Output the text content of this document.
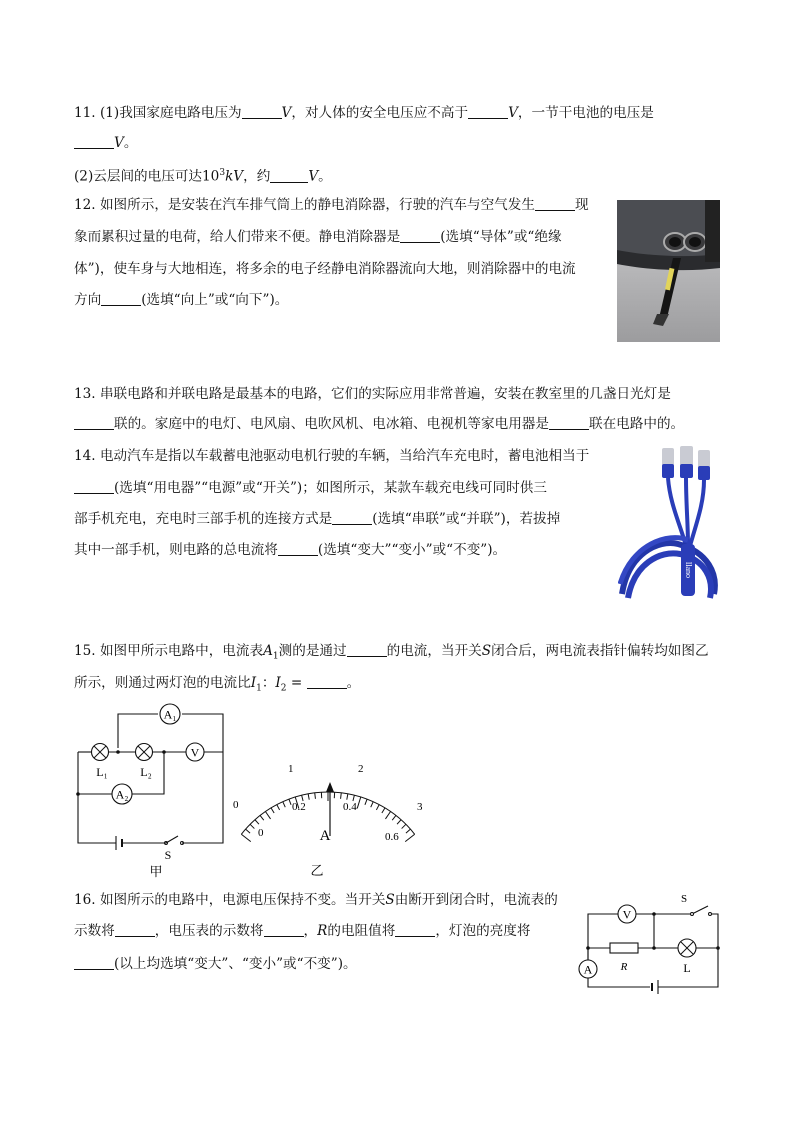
11. (1)我国家庭电路电压为	V，对人体的安全电压应不高于	V，一节干电池的电压是
V。
(2)云层间的电压可达$10^3kV$，约	V。
12. 如图所示，是安装在汽车排气筒上的静电消除器，行驶的汽车与空气发生	现
象而累积过量的电荷，给人们带来不便。静电消除器是	(选填“导体”或“绝缘
体”)，使车身与大地相连，将多余的电子经静电消除器流向大地，则消除器中的电流
方向	(选填“向上”或“向下”)。
13. 串联电路和并联电路是最基本的电路，它们的实际应用非常普遍，安装在教室里的几盏日光灯是
联的。家庭中的电灯、电风扇、电吹风机、电冰箱、电视机等家电用器是	联在电路中的。
14. 电动汽车是指以车载蓄电池驱动电机行驶的车辆，当给汽车充电时，蓄电池相当于
(选填“用电器”“电源”或“开关”)；如图所示，某款车载充电线可同时供三
部手机充电，充电时三部手机的连接方式是	(选填“串联”或“并联”)，若拔掉
其中一部手机，则电路的总电流将	(选填“变大”“变小”或“不变”)。
llano
15. 如图甲所示电路中，电流表$A_1$测的是通过	的电流，当开关S闭合后，两电流表指针偏转均如图乙
所示，则通过两灯泡的电流比$I_1$：$I_2$ =	。
A₁
L₁	L₂
V
A₂
S
甲
0
1	2
3
0
0.2	0.4
0.6
A
乙
16. 如图所示的电路中，电源电压保持不变。当开关S由断开到闭合时，电流表的
示数将	，电压表的示数将	，R的电阻值将	，灯泡的亮度将
(以上均选填“变大”、“变小”或“不变”)。
V
R	L
A
S
